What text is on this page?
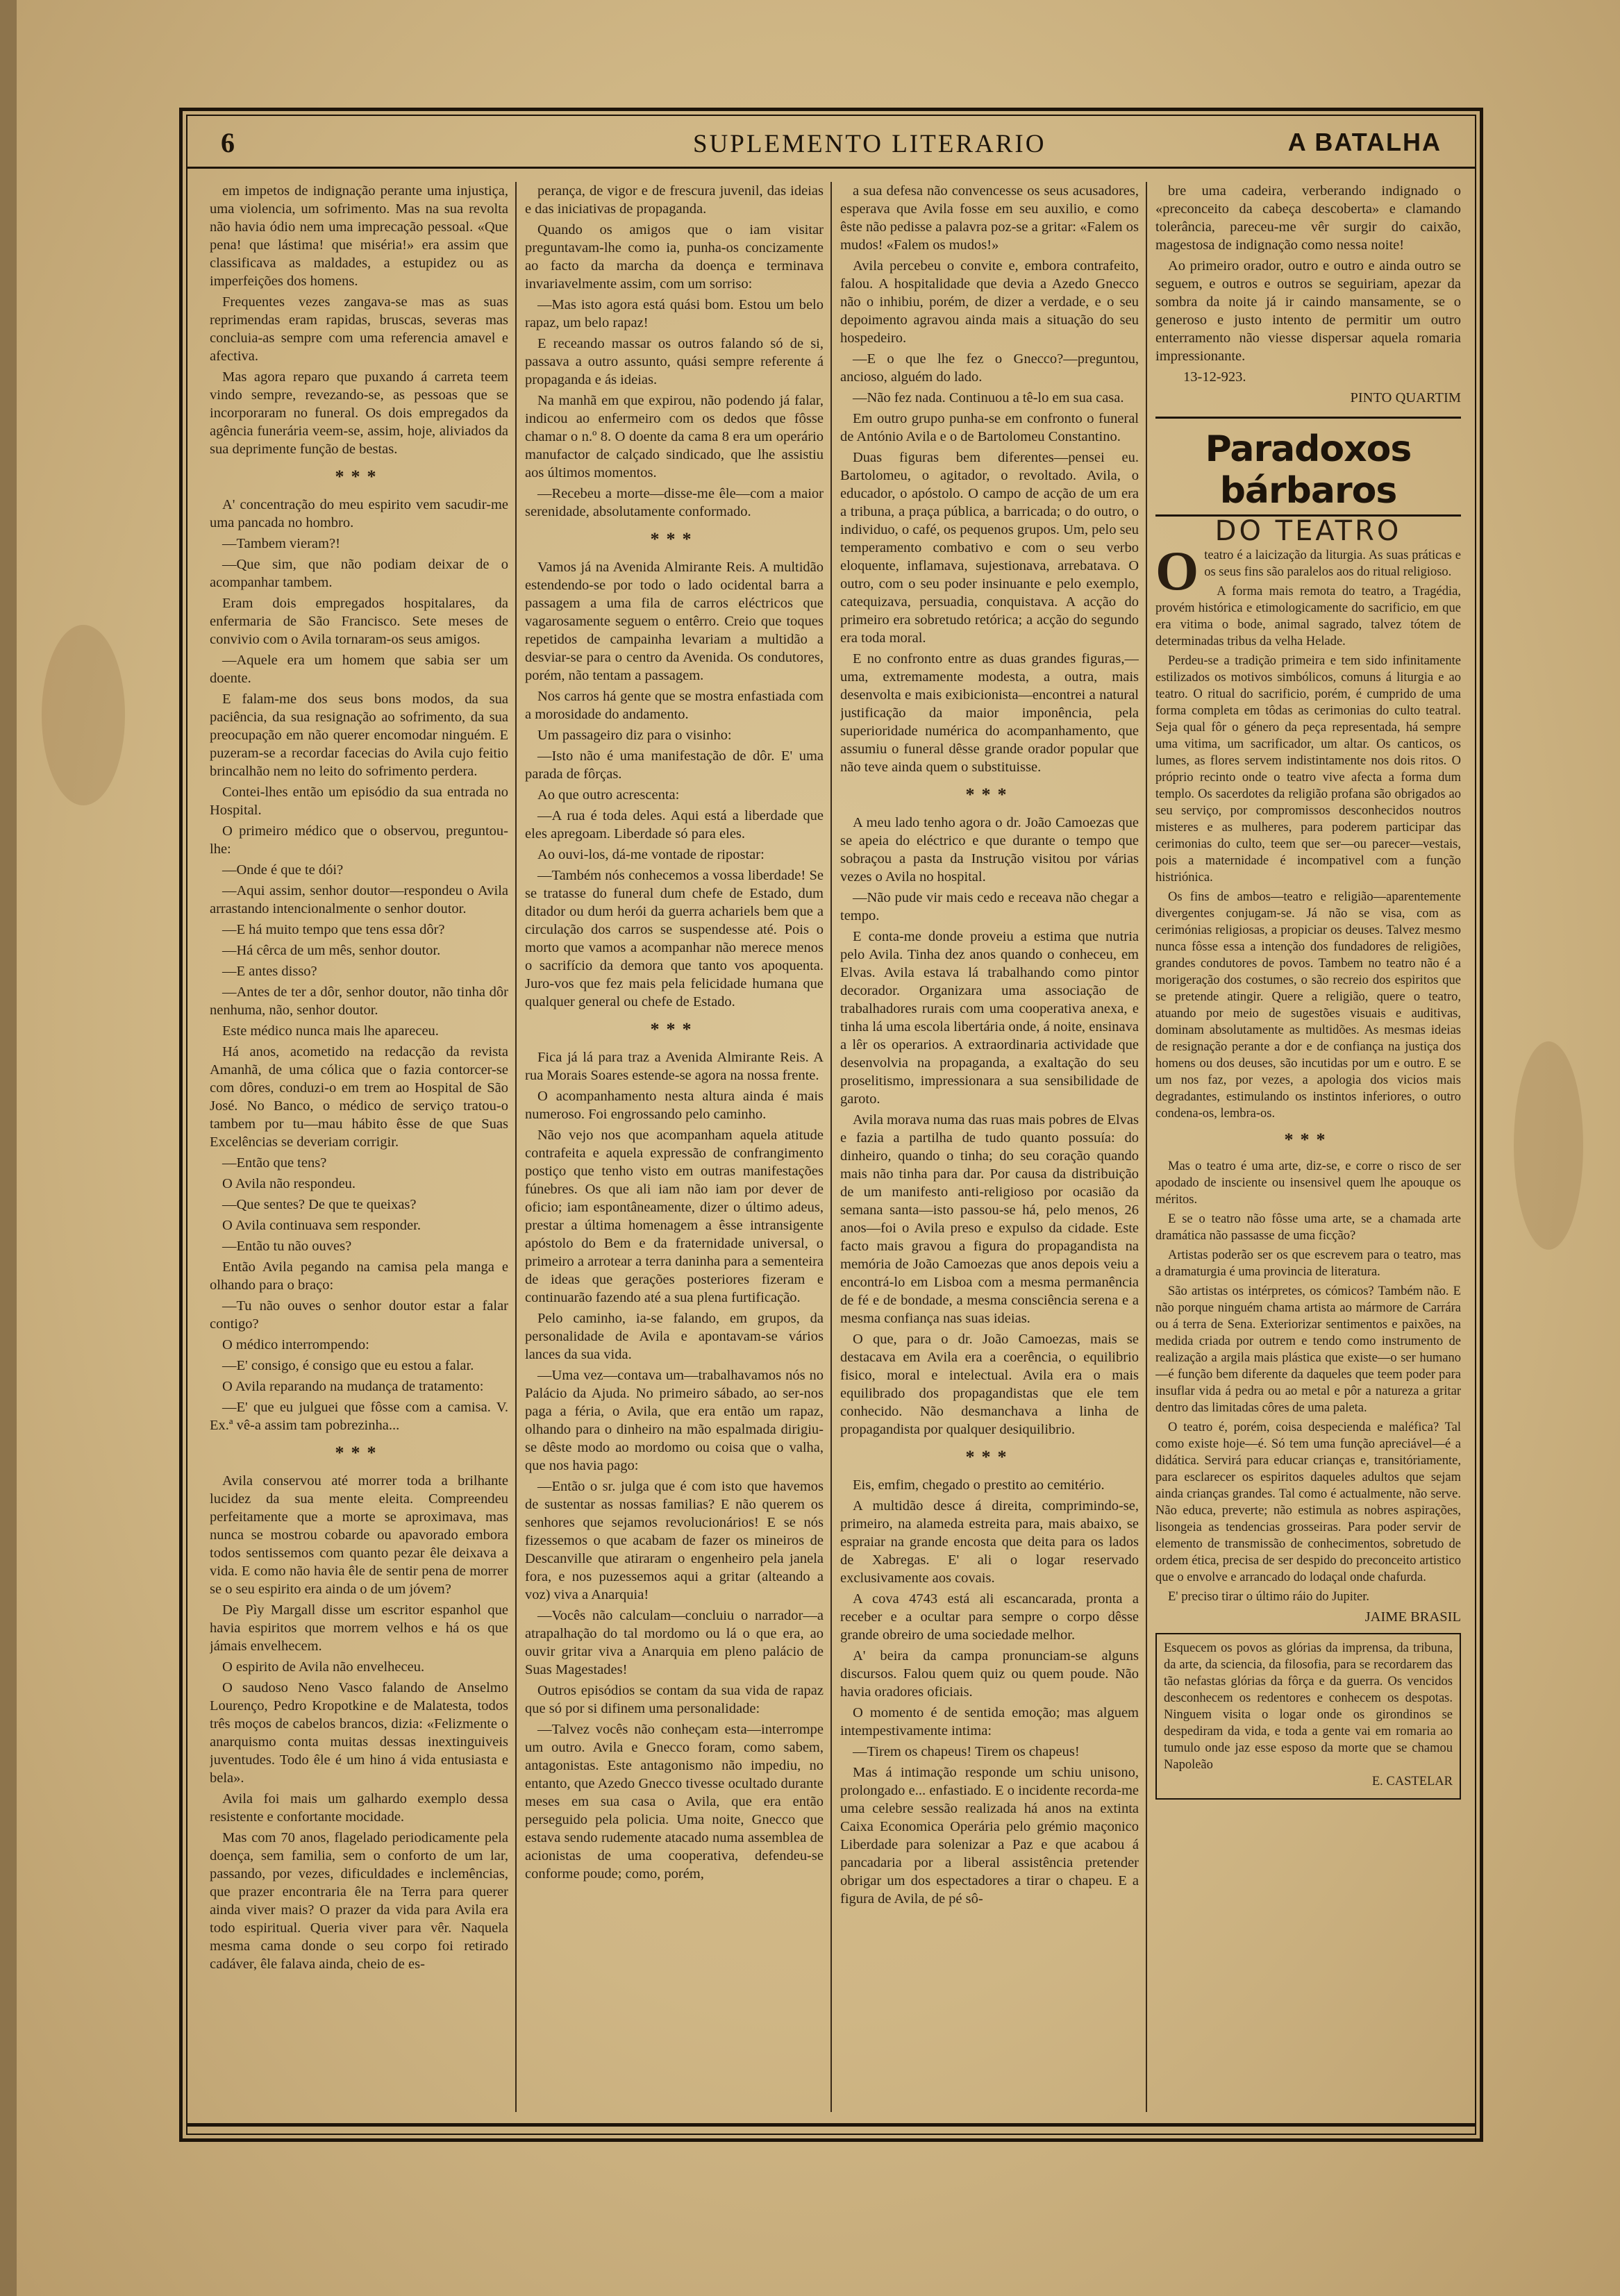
6	SUPLEMENTO LITERARIO	A BATALHA

em impetos de indignação perante uma injustiça, uma violencia, um sofrimento. Mas na sua revolta não havia ódio nem uma imprecação pessoal. «Que pena! que lástima! que miséria!» era assim que classificava as maldades, a estupidez ou as imperfeições dos homens.

Frequentes vezes zangava-se mas as suas reprimendas eram rapidas, bruscas, severas mas concluia-as sempre com uma referencia amavel e afectiva.

Mas agora reparo que puxando á carreta teem vindo sempre, revezando-se, as pessoas que se incorporaram no funeral. Os dois empregados da agência funerária veem-se, assim, hoje, aliviados da sua deprimente função de bestas.

***

A' concentração do meu espirito vem sacudir-me uma pancada no hombro.

—Tambem vieram?!

—Que sim, que não podiam deixar de o acompanhar tambem.

Eram dois empregados hospitalares, da enfermaria de São Francisco. Sete meses de convivio com o Avila tornaram-os seus amigos.

—Aquele era um homem que sabia ser um doente.

E falam-me dos seus bons modos, da sua paciência, da sua resignação ao sofrimento, da sua preocupação em não querer encomodar ninguém. E puzeram-se a recordar facecias do Avila cujo feitio brincalhão nem no leito do sofrimento perdera.

Contei-lhes então um episódio da sua entrada no Hospital.

O primeiro médico que o observou, preguntou-lhe:

—Onde é que te dói?

—Aqui assim, senhor doutor—respondeu o Avila arrastando intencionalmente o senhor doutor.

—E há muito tempo que tens essa dôr?

—Há cêrca de um mês, senhor doutor.

—E antes disso?

—Antes de ter a dôr, senhor doutor, não tinha dôr nenhuma, não, senhor doutor.

Este médico nunca mais lhe apareceu.

Há anos, acometido na redacção da revista Amanhã, de uma cólica que o fazia contorcer-se com dôres, conduzi-o em trem ao Hospital de São José. No Banco, o médico de serviço tratou-o tambem por tu—mau hábito êsse de que Suas Excelências se deveriam corrigir.

—Então que tens?

O Avila não respondeu.

—Que sentes? De que te queixas?

O Avila continuava sem responder.

—Então tu não ouves?

Então Avila pegando na camisa pela manga e olhando para o braço:

—Tu não ouves o senhor doutor estar a falar contigo?

O médico interrompendo:

—E' consigo, é consigo que eu estou a falar.

O Avila reparando na mudança de tratamento:

—E' que eu julguei que fôsse com a camisa. V. Ex.ª vê-a assim tam pobrezinha...

***

Avila conservou até morrer toda a brilhante lucidez da sua mente eleita. Compreendeu perfeitamente que a morte se aproximava, mas nunca se mostrou cobarde ou apavorado embora todos sentissemos com quanto pezar êle deixava a vida. E como não havia êle de sentir pena de morrer se o seu espirito era ainda o de um jóvem?

De Pìy Margall disse um escritor espanhol que havia espiritos que morrem velhos e há os que jámais envelhecem.

O espirito de Avila não envelheceu.

O saudoso Neno Vasco falando de Anselmo Lourenço, Pedro Kropotkine e de Malatesta, todos três moços de cabelos brancos, dizia: «Felizmente o anarquismo conta muitas dessas inextinguiveis juventudes. Todo êle é um hino á vida entusiasta e bela».

Avila foi mais um galhardo exemplo dessa resistente e confortante mocidade.

Mas com 70 anos, flagelado periodicamente pela doença, sem familia, sem o conforto de um lar, passando, por vezes, dificuldades e inclemências, que prazer encontraria êle na Terra para querer ainda viver mais? O prazer da vida para Avila era todo espiritual. Queria viver para vêr. Naquela mesma cama donde o seu corpo foi retirado cadáver, êle falava ainda, cheio de es-

perança, de vigor e de frescura juvenil, das ideias e das iniciativas de propaganda.

Quando os amigos que o iam visitar preguntavam-lhe como ia, punha-os concizamente ao facto da marcha da doença e terminava invariavelmente assim, com um sorriso:

—Mas isto agora está quási bom. Estou um belo rapaz, um belo rapaz!

E receando massar os outros falando só de si, passava a outro assunto, quási sempre referente á propaganda e ás ideias.

Na manhã em que expirou, não podendo já falar, indicou ao enfermeiro com os dedos que fôsse chamar o n.º 8. O doente da cama 8 era um operário manufactor de calçado sindicado, que lhe assistiu aos últimos momentos.

—Recebeu a morte—disse-me êle—com a maior serenidade, absolutamente conformado.

***

Vamos já na Avenida Almirante Reis. A multidão estendendo-se por todo o lado ocidental barra a passagem a uma fila de carros eléctricos que vagarosamente seguem o entêrro. Creio que toques repetidos de campainha levariam a multidão a desviar-se para o centro da Avenida. Os condutores, porém, não tentam a passagem.

Nos carros há gente que se mostra enfastiada com a morosidade do andamento.

Um passageiro diz para o visinho:

—Isto não é uma manifestação de dôr. E' uma parada de fôrças.

Ao que outro acrescenta:

—A rua é toda deles. Aqui está a liberdade que eles apregoam. Liberdade só para eles.

Ao ouvi-los, dá-me vontade de ripostar:

—Também nós conhecemos a vossa liberdade! Se se tratasse do funeral dum chefe de Estado, dum ditador ou dum herói da guerra achariels bem que a circulação dos carros se suspendesse até. Pois o morto que vamos a acompanhar não merece menos o sacrifício da demora que tanto vos apoquenta. Juro-vos que fez mais pela felicidade humana que qualquer general ou chefe de Estado.

***

Fica já lá para traz a Avenida Almirante Reis. A rua Morais Soares estende-se agora na nossa frente.

O acompanhamento nesta altura ainda é mais numeroso. Foi engrossando pelo caminho.

Não vejo nos que acompanham aquela atitude contrafeita e aquela expressão de confrangimento postiço que tenho visto em outras manifestações fúnebres. Os que ali iam não iam por dever de oficio; iam espontâneamente, dizer o último adeus, prestar a última homenagem a êsse intransigente apóstolo do Bem e da fraternidade universal, o primeiro a arrotear a terra daninha para a sementeira de ideas que gerações posteriores fizeram e continuarão fazendo até a sua plena furtificação.

Pelo caminho, ia-se falando, em grupos, da personalidade de Avila e apontavam-se vários lances da sua vida.

—Uma vez—contava um—trabalhavamos nós no Palácio da Ajuda. No primeiro sábado, ao ser-nos paga a féria, o Avila, que era então um rapaz, olhando para o dinheiro na mão espalmada dirigiu-se dêste modo ao mordomo ou coisa que o valha, que nos havia pago:

—Então o sr. julga que é com isto que havemos de sustentar as nossas familias? E não querem os senhores que sejamos revolucionários! E se nós fizessemos o que acabam de fazer os mineiros de Descanville que atiraram o engenheiro pela janela fora, e nos puzessemos aqui a gritar (alteando a voz) viva a Anarquia!

—Vocês não calculam—concluiu o narrador—a atrapalhação do tal mordomo ou lá o que era, ao ouvir gritar viva a Anarquia em pleno palácio de Suas Magestades!

Outros episódios se contam da sua vida de rapaz que só por si difinem uma personalidade:

—Talvez vocês não conheçam esta—interrompe um outro. Avila e Gnecco foram, como sabem, antagonistas. Este antagonismo não impediu, no entanto, que Azedo Gnecco tivesse ocultado durante meses em sua casa o Avila, que era então perseguido pela policia. Uma noite, Gnecco que estava sendo rudemente atacado numa assemblea de acionistas de uma cooperativa, defendeu-se conforme poude; como, porém,

a sua defesa não convencesse os seus acusadores, esperava que Avila fosse em seu auxilio, e como êste não pedisse a palavra poz-se a gritar: «Falem os mudos! «Falem os mudos!»

Avila percebeu o convite e, embora contrafeito, falou. A hospitalidade que devia a Azedo Gnecco não o inhibiu, porém, de dizer a verdade, e o seu depoimento agravou ainda mais a situação do seu hospedeiro.

—E o que lhe fez o Gnecco?—preguntou, ancioso, alguém do lado.

—Não fez nada. Continuou a tê-lo em sua casa.

Em outro grupo punha-se em confronto o funeral de António Avila e o de Bartolomeu Constantino.

Duas figuras bem diferentes—pensei eu. Bartolomeu, o agitador, o revoltado. Avila, o educador, o apóstolo. O campo de acção de um era a tribuna, a praça pública, a barricada; o do outro, o individuo, o café, os pequenos grupos. Um, pelo seu temperamento combativo e com o seu verbo eloquente, inflamava, sujestionava, arrebatava. O outro, com o seu poder insinuante e pelo exemplo, catequizava, persuadia, conquistava. A acção do primeiro era sobretudo retórica; a acção do segundo era toda moral.

E no confronto entre as duas grandes figuras,—uma, extremamente modesta, a outra, mais desenvolta e mais exibicionista—encontrei a natural justificação da maior imponência, pela superioridade numérica do acompanhamento, que assumiu o funeral dêsse grande orador popular que não teve ainda quem o substituisse.

***

A meu lado tenho agora o dr. João Camoezas que se apeia do eléctrico e que durante o tempo que sobraçou a pasta da Instrução visitou por várias vezes o Avila no hospital.

—Não pude vir mais cedo e receava não chegar a tempo.

E conta-me donde proveiu a estima que nutria pelo Avila. Tinha dez anos quando o conheceu, em Elvas. Avila estava lá trabalhando como pintor decorador. Organizara uma associação de trabalhadores rurais com uma cooperativa anexa, e tinha lá uma escola libertária onde, á noite, ensinava a lêr os operarios. A extraordinaria actividade que desenvolvia na propaganda, a exaltação do seu proselitismo, impressionara a sua sensibilidade de garoto.

Avila morava numa das ruas mais pobres de Elvas e fazia a partilha de tudo quanto possuía: do dinheiro, quando o tinha; do seu coração quando mais não tinha para dar. Por causa da distribuição de um manifesto anti-religioso por ocasião da semana santa—isto passou-se há, pelo menos, 26 anos—foi o Avila preso e expulso da cidade. Este facto mais gravou a figura do propagandista na memória de João Camoezas que anos depois veiu a encontrá-lo em Lisboa com a mesma permanência de fé e de bondade, a mesma consciência serena e a mesma confiança nas suas ideias.

O que, para o dr. João Camoezas, mais se destacava em Avila era a coerência, o equilibrio fisico, moral e intelectual. Avila era o mais equilibrado dos propagandistas que ele tem conhecido. Não desmanchava a linha de propagandista por qualquer desiquilibrio.

***

Eis, emfim, chegado o prestito ao cemitério.

A multidão desce á direita, comprimindo-se, primeiro, na alameda estreita para, mais abaixo, se espraiar na grande encosta que deita para os lados de Xabregas. E' ali o logar reservado exclusivamente aos covais.

A cova 4743 está ali escancarada, pronta a receber e a ocultar para sempre o corpo dêsse grande obreiro de uma sociedade melhor.

A' beira da campa pronunciam-se alguns discursos. Falou quem quiz ou quem poude. Não havia oradores oficiais.

O momento é de sentida emoção; mas alguem intempestivamente intima:

—Tirem os chapeus! Tirem os chapeus!

Mas á intimação responde um schiu unisono, prolongado e... enfastiado. E o incidente recorda-me uma celebre sessão realizada há anos na extinta Caixa Economica Operária pelo grémio maçonico Liberdade para solenizar a Paz e que acabou á pancadaria por a liberal assistência pretender obrigar um dos espectadores a tirar o chapeu. E a figura de Avila, de pé sô-

bre uma cadeira, verberando indignado o «preconceito da cabeça descoberta» e clamando tolerância, pareceu-me vêr surgir do caixão, magestosa de indignação como nessa noite!

Ao primeiro orador, outro e outro e ainda outro se seguem, e outros e outros se seguiriam, apezar da sombra da noite já ir caindo mansamente, se o generoso e justo intento de permitir um outro enterramento não viesse dispersar aquela romaria impressionante.

13-12-923.

PINTO QUARTIM

Paradoxos bárbaros
DO TEATRO
O teatro é a laicização da liturgia. As suas práticas e os seus fins são paralelos aos do ritual religioso.

A forma mais remota do teatro, a Tragédia, provém histórica e etimologicamente do sacrificio, em que era vitima o bode, animal sagrado, talvez tótem de determinadas tribus da velha Helade.

Perdeu-se a tradição primeira e tem sido infinitamente estilizados os motivos simbólicos, comuns á liturgia e ao teatro. O ritual do sacrificio, porém, é cumprido de uma forma completa em tôdas as cerimonias do culto teatral. Seja qual fôr o género da peça representada, há sempre uma vitima, um sacrificador, um altar. Os canticos, os lumes, as flores servem indistintamente nos dois ritos. O próprio recinto onde o teatro vive afecta a forma dum templo. Os sacerdotes da religião profana são obrigados ao seu serviço, por compromissos desconhecidos noutros misteres e as mulheres, para poderem participar das cerimonias do culto, teem que ser—ou parecer—vestais, pois a maternidade é incompativel com a função histriónica.

Os fins de ambos—teatro e religião—aparentemente divergentes conjugam-se. Já não se visa, com as cerimónias religiosas, a propiciar os deuses. Talvez mesmo nunca fôsse essa a intenção dos fundadores de religiões, grandes condutores de povos. Tambem no teatro não é a morigeração dos costumes, o são recreio dos espiritos que se pretende atingir. Quere a religião, quere o teatro, atuando por meio de sugestões visuais e auditivas, dominam absolutamente as multidões. As mesmas ideias de resignação perante a dor e de confiança na justiça dos homens ou dos deuses, são incutidas por um e outro. E se um nos faz, por vezes, a apologia dos vicios mais degradantes, estimulando os instintos inferiores, o outro condena-os, lembra-os.

***

Mas o teatro é uma arte, diz-se, e corre o risco de ser apodado de insciente ou insensivel quem lhe apouque os méritos.

E se o teatro não fôsse uma arte, se a chamada arte dramática não passasse de uma ficção?

Artistas poderão ser os que escrevem para o teatro, mas a dramaturgia é uma provincia de literatura.

São artistas os intérpretes, os cómicos? Também não. E não porque ninguém chama artista ao mármore de Carrára ou á terra de Sena. Exteriorizar sentimentos e paixões, na medida criada por outrem e tendo como instrumento de realização a argila mais plástica que existe—o ser humano—é função bem diferente da daqueles que teem poder para insuflar vida á pedra ou ao metal e pôr a natureza a gritar dentro das limitadas côres de uma paleta.

O teatro é, porém, coisa despecienda e maléfica? Tal como existe hoje—é. Só tem uma função apreciável—é a didática. Servirá para educar crianças e, transitóriamente, para esclarecer os espiritos daqueles adultos que sejam ainda crianças grandes. Tal como é actualmente, não serve. Não educa, preverte; não estimula as nobres aspirações, lisongeia as tendencias grosseiras. Para poder servir de elemento de transmissão de conhecimentos, sobretudo de ordem ética, precisa de ser despido do preconceito artistico que o envolve e arrancado do lodaçal onde chafurda.

E' preciso tirar o último ráio do Jupiter.

JAIME BRASIL

Esquecem os povos as glórias da imprensa, da tribuna, da arte, da sciencia, da filosofia, para se recordarem das tão nefastas glórias da fôrça e da guerra. Os vencidos desconhecem os redentores e conhecem os despotas. Ninguem visita o logar onde os girondinos se despediram da vida, e toda a gente vai em romaria ao tumulo onde jaz esse esposo da morte que se chamou Napoleão

E. CASTELAR
